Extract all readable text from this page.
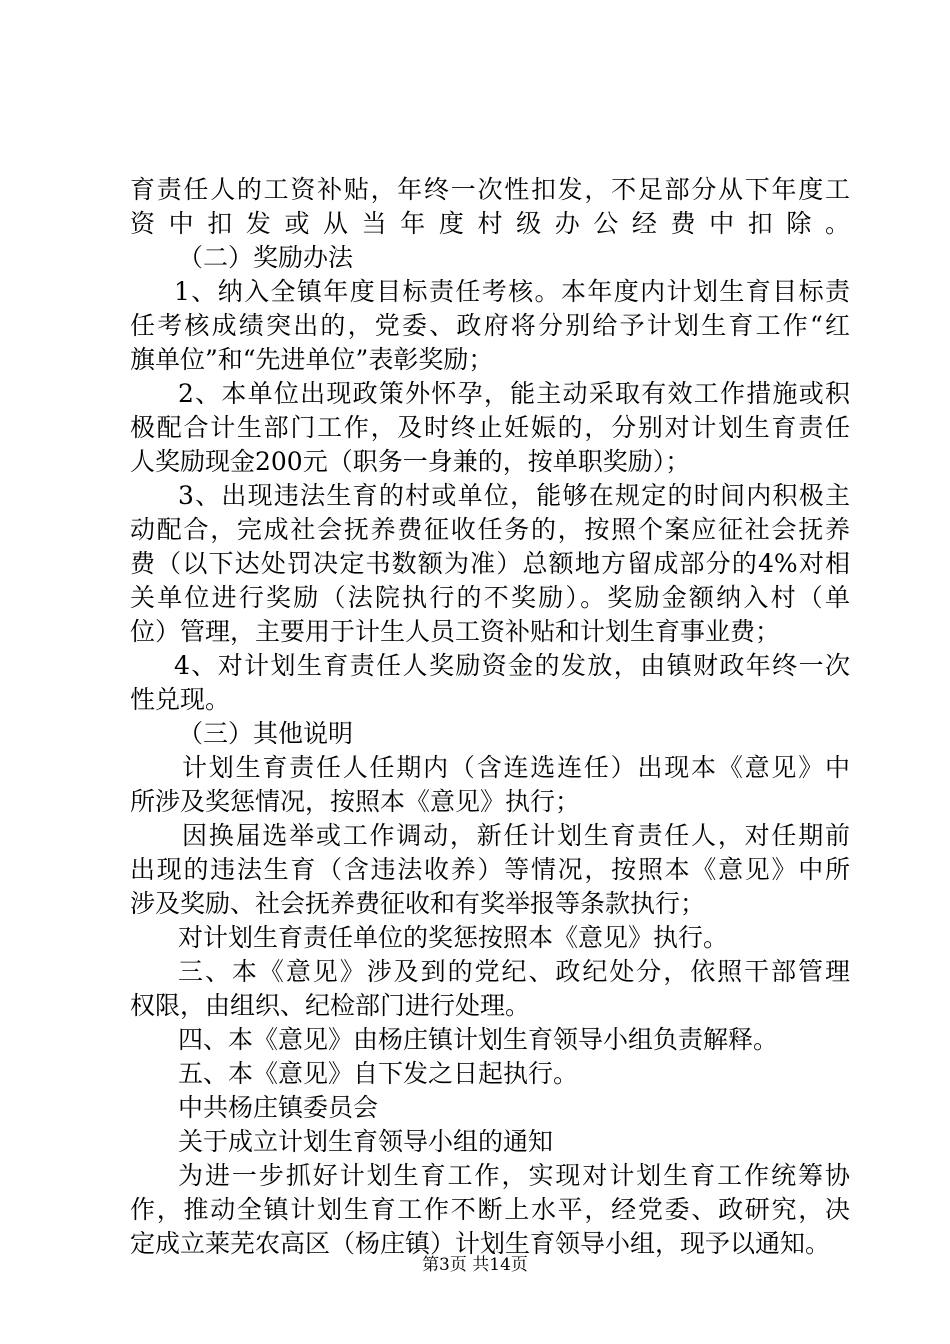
育责任人的工资补贴，年终一次性扣发，不足部分从下年度工
资中扣发或从当年度村级办公经费中扣除。
（二）奖励办法
1、纳入全镇年度目标责任考核。本年度内计划生育目标责
任考核成绩突出的，党委、政府将分别给予计划生育工作“红
旗单位”和“先进单位”表彰奖励；
2、本单位出现政策外怀孕，能主动采取有效工作措施或积
极配合计生部门工作，及时终止妊娠的，分别对计划生育责任
人奖励现金200元（职务一身兼的，按单职奖励）；
3、出现违法生育的村或单位，能够在规定的时间内积极主
动配合，完成社会抚养费征收任务的，按照个案应征社会抚养
费（以下达处罚决定书数额为准）总额地方留成部分的4%对相
关单位进行奖励（法院执行的不奖励）。奖励金额纳入村（单
位）管理，主要用于计生人员工资补贴和计划生育事业费；
4、对计划生育责任人奖励资金的发放，由镇财政年终一次
性兑现。
（三）其他说明
计划生育责任人任期内（含连选连任）出现本《意见》中
所涉及奖惩情况，按照本《意见》执行；
因换届选举或工作调动，新任计划生育责任人，对任期前
出现的违法生育（含违法收养）等情况，按照本《意见》中所
涉及奖励、社会抚养费征收和有奖举报等条款执行；
对计划生育责任单位的奖惩按照本《意见》执行。
三、本《意见》涉及到的党纪、政纪处分，依照干部管理
权限，由组织、纪检部门进行处理。
四、本《意见》由杨庄镇计划生育领导小组负责解释。
五、本《意见》自下发之日起执行。
中共杨庄镇委员会
关于成立计划生育领导小组的通知
为进一步抓好计划生育工作，实现对计划生育工作统筹协
作，推动全镇计划生育工作不断上水平，经党委、政研究，决
定成立莱芜农高区（杨庄镇）计划生育领导小组，现予以通知。
第3页 共14页
